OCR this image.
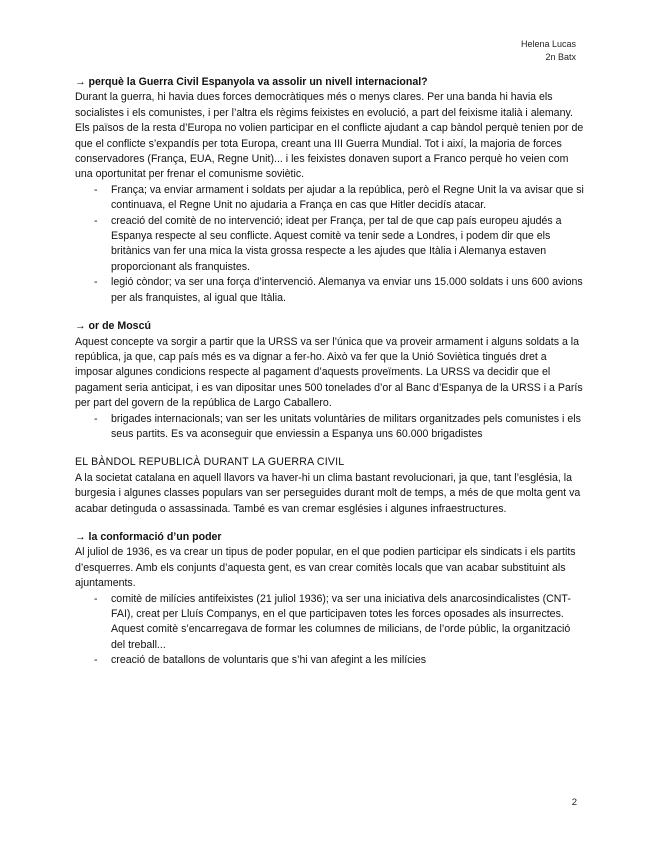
Helena Lucas
2n Batx

→ perquè la Guerra Civil Espanyola va assolir un nivell internacional?

Durant la guerra, hi havia dues forces democràtiques més o menys clares. Per una banda hi havia els socialistes i els comunistes, i per l’altra els règims feixistes en evolució, a part del feixisme italià i alemany. Els països de la resta d’Europa no volien participar en el conflicte ajudant a cap bàndol perquè tenien por de que el conflicte s’expandís per tota Europa, creant una III Guerra Mundial. Tot i així, la majoria de forces conservadores (França, EUA, Regne Unit)... i les feixistes donaven suport a Franco perquè ho veien com una oportunitat per frenar el comunisme soviètic.

- França; va enviar armament i soldats per ajudar a la república, però el Regne Unit la va avisar que si continuava, el Regne Unit no ajudaria a França en cas que Hitler decidís atacar.
- creació del comitè de no intervenció; ideat per França, per tal de que cap país europeu ajudés a Espanya respecte al seu conflicte. Aquest comitè va tenir sede a Londres, i podem dir que els britànics van fer una mica la vista grossa respecte a les ajudes que Itàlia i Alemanya estaven proporcionant als franquistes.
- legió còndor; va ser una força d’intervenció. Alemanya va enviar uns 15.000 soldats i uns 600 avions per als franquistes, al igual que Itàlia.

→ or de Moscú

Aquest concepte va sorgir a partir que la URSS va ser l’única que va proveir armament i alguns soldats a la república, ja que, cap país més es va dignar a fer-ho. Això va fer que la Unió Soviètica tingués dret a imposar algunes condicions respecte al pagament d’aquests proveïments. La URSS va decidir que el pagament seria anticipat, i es van dipositar unes 500 tonelades d’or al Banc d’Espanya de la URSS i a París per part del govern de la república de Largo Caballero.

- brigades internacionals; van ser les unitats voluntàries de militars organitzades pels comunistes i els seus partits. Es va aconseguir que enviessin a Espanya uns 60.000 brigadistes

EL BÀNDOL REPUBLICÀ DURANT LA GUERRA CIVIL

A la societat catalana en aquell llavors va haver-hi un clima bastant revolucionari, ja que, tant l’església, la burgesia i algunes classes populars van ser perseguides durant molt de temps, a més de que molta gent va acabar detinguda o assassinada. També es van cremar esglésies i algunes infraestructures.

→ la conformació d’un poder

Al juliol de 1936, es va crear un tipus de poder popular, en el que podien participar els sindicats i els partits d’esquerres. Amb els conjunts d’aquesta gent, es van crear comitès locals que van acabar substituint als ajuntaments.

- comitè de milícies antifeixistes (21 juliol 1936); va ser una iniciativa dels anarcosindicalistes (CNT-FAI), creat per Lluís Companys, en el que participaven totes les forces oposades als insurrectes. Aquest comitè s’encarregava de formar les columnes de milicians, de l’orde públic, la organització del treball...
- creació de batallons de voluntaris que s’hi van afegint a les milícies
2
